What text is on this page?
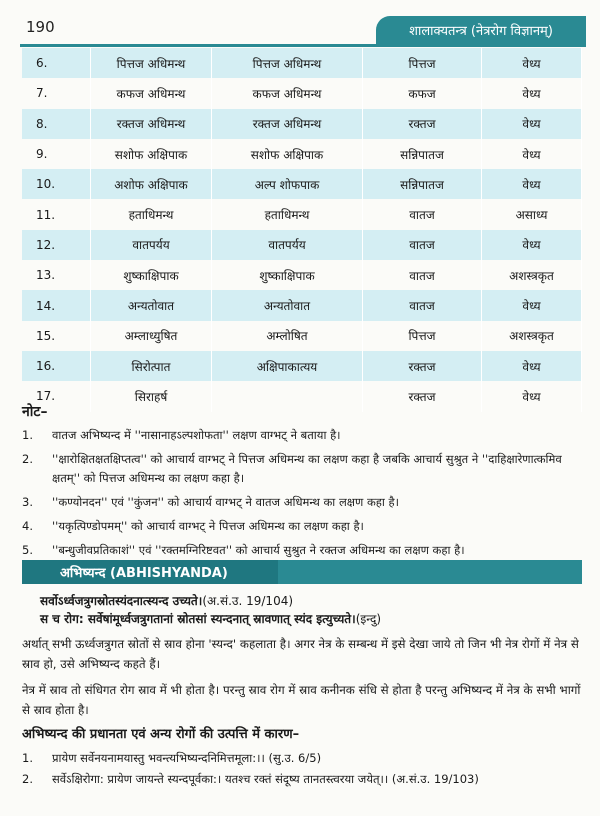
190	शालाक्यतन्त्र (नेत्ररोग विज्ञानम्)
6.	पित्तज अधिमन्थ	पित्तज अधिमन्थ	पित्तज	वेध्य
7.	कफज अधिमन्थ	कफज अधिमन्थ	कफज	वेध्य
8.	रक्तज अधिमन्थ	रक्तज अधिमन्थ	रक्तज	वेध्य
9.	सशोफ अक्षिपाक	सशोफ अक्षिपाक	सन्निपातज	वेध्य
10.	अशोफ अक्षिपाक	अल्प शोफपाक	सन्निपातज	वेध्य
11.	हताधिमन्थ	हताधिमन्थ	वातज	असाध्य
12.	वातपर्यय	वातपर्यय	वातज	वेध्य
13.	शुष्काक्षिपाक	शुष्काक्षिपाक	वातज	अशस्त्रकृत
14.	अन्यतोवात	अन्यतोवात	वातज	वेध्य
15.	अम्लाध्युषित	अम्लोषित	पित्तज	अशस्त्रकृत
16.	सिरोत्पात	अक्षिपाकात्यय	रक्तज	वेध्य
17.	सिराहर्ष		रक्तज	वेध्य
नोट–
1. वातज अभिष्यन्द में ''नासानाहऽल्पशोफता'' लक्षण वाग्भट् ने बताया है।
2. ''क्षारोक्षितक्षतक्षिप्तत्व'' को आचार्य वाग्भट् ने पित्तज अधिमन्थ का लक्षण कहा है जबकि आचार्य सुश्रुत ने ''दाहिक्षारेणात्कमिव क्षतम्'' को पित्तज अधिमन्थ का लक्षण कहा है।
3. ''कण्योनदन'' एवं ''कुंजन'' को आचार्य वाग्भट् ने वातज अधिमन्थ का लक्षण कहा है।
4. ''यकृत्पिण्डोपमम्'' को आचार्य वाग्भट् ने पित्तज अधिमन्थ का लक्षण कहा है।
5. ''बन्धुजीवप्रतिकाशं'' एवं ''रक्तमग्निरिष्टवत'' को आचार्य सुश्रुत ने रक्तज अधिमन्थ का लक्षण कहा है।
अभिष्यन्द (ABHISHYANDA)
सर्वोऽर्ध्वजत्रुगस्रोतस्यंदनात्स्यन्द उच्यते।(अ.सं.उ. 19/104)
स च रोग: सर्वेषांमूर्ध्वजत्रुगतानां स्रोतसां स्यन्दनात् स्रावणात् स्यंद इत्युच्यते।(इन्दु)
अर्थात् सभी ऊर्ध्वजत्रुगत स्रोतों से स्राव होना 'स्यन्द' कहलाता है। अगर नेत्र के सम्बन्ध में इसे देखा जाये तो जिन भी नेत्र रोगों में नेत्र से स्राव हो, उसे अभिष्यन्द कहते हैं।
नेत्र में स्राव तो संधिगत रोग स्राव में भी होता है। परन्तु स्राव रोग में स्राव कनीनक संधि से होता है परन्तु अभिष्यन्द में नेत्र के सभी भागों से स्राव होता है।
अभिष्यन्द की प्रधानता एवं अन्य रोगों की उत्पत्ति में कारण–
1. प्रायेण सर्वेनयनामयास्तु भवन्त्यभिष्यन्दनिमित्तमूला:।। (सु.उ. 6/5)
2. सर्वेऽक्षिरोगा: प्रायेण जायन्ते स्यन्दपूर्वका:। यतश्च रक्तं संदूष्य तानतस्त्वरया जयेत्।। (अ.सं.उ. 19/103)
